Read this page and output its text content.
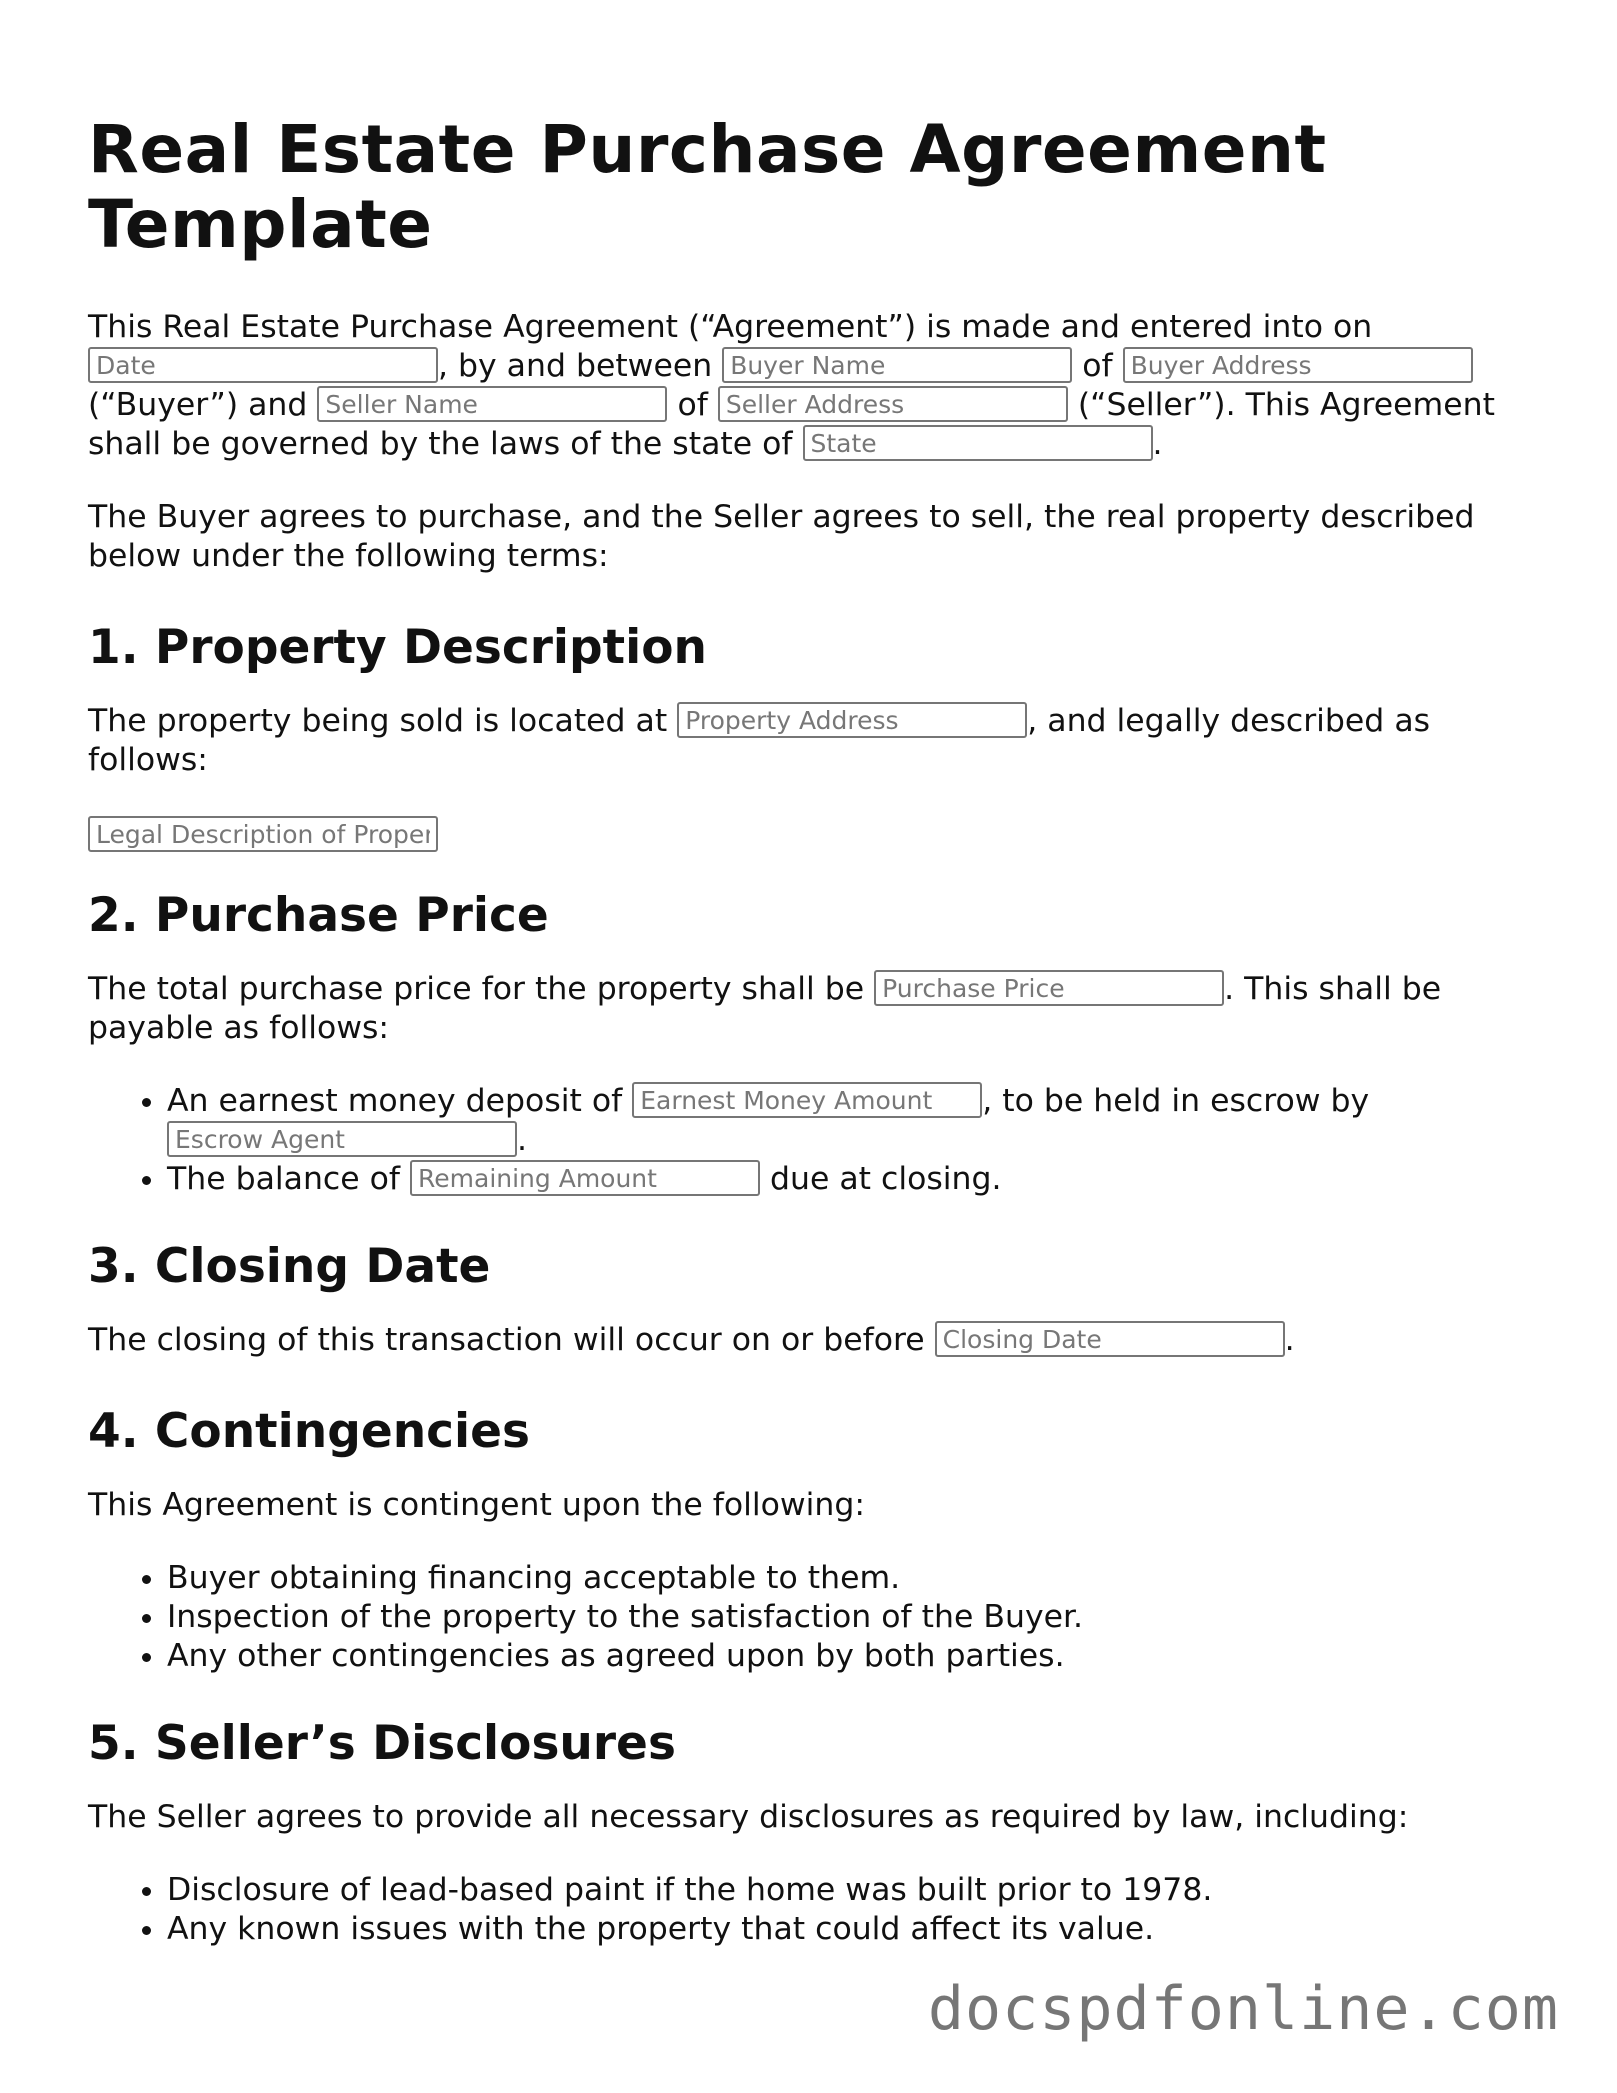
Real Estate Purchase Agreement Template

This Real Estate Purchase Agreement (“Agreement”) is made and entered into on Date, by and between Buyer Name	of Buyer Address (“Buyer”) and Seller Name	of Seller Address	(“Seller”). This Agreement shall be governed by the laws of the state of State	.

The Buyer agrees to purchase, and the Seller agrees to sell, the real property described below under the following terms:

1. Property Description

The property being sold is located at Property Address	, and legally described as follows:

Legal Description of Property
2. Purchase Price

The total purchase price for the property shall be Purchase Price	. This shall be payable as follows:

• An earnest money deposit of Earnest Money Amount	, to be held in escrow by Escrow Agent.
• The balance of Remaining Amount	due at closing.
3. Closing Date

The closing of this transaction will occur on or before Closing Date	.

4. Contingencies

This Agreement is contingent upon the following:

• Buyer obtaining financing acceptable to them.
• Inspection of the property to the satisfaction of the Buyer.
• Any other contingencies as agreed upon by both parties.
5. Seller’s Disclosures

The Seller agrees to provide all necessary disclosures as required by law, including:

• Disclosure of lead-based paint if the home was built prior to 1978.
• Any known issues with the property that could affect its value.
docspdfonline.com
